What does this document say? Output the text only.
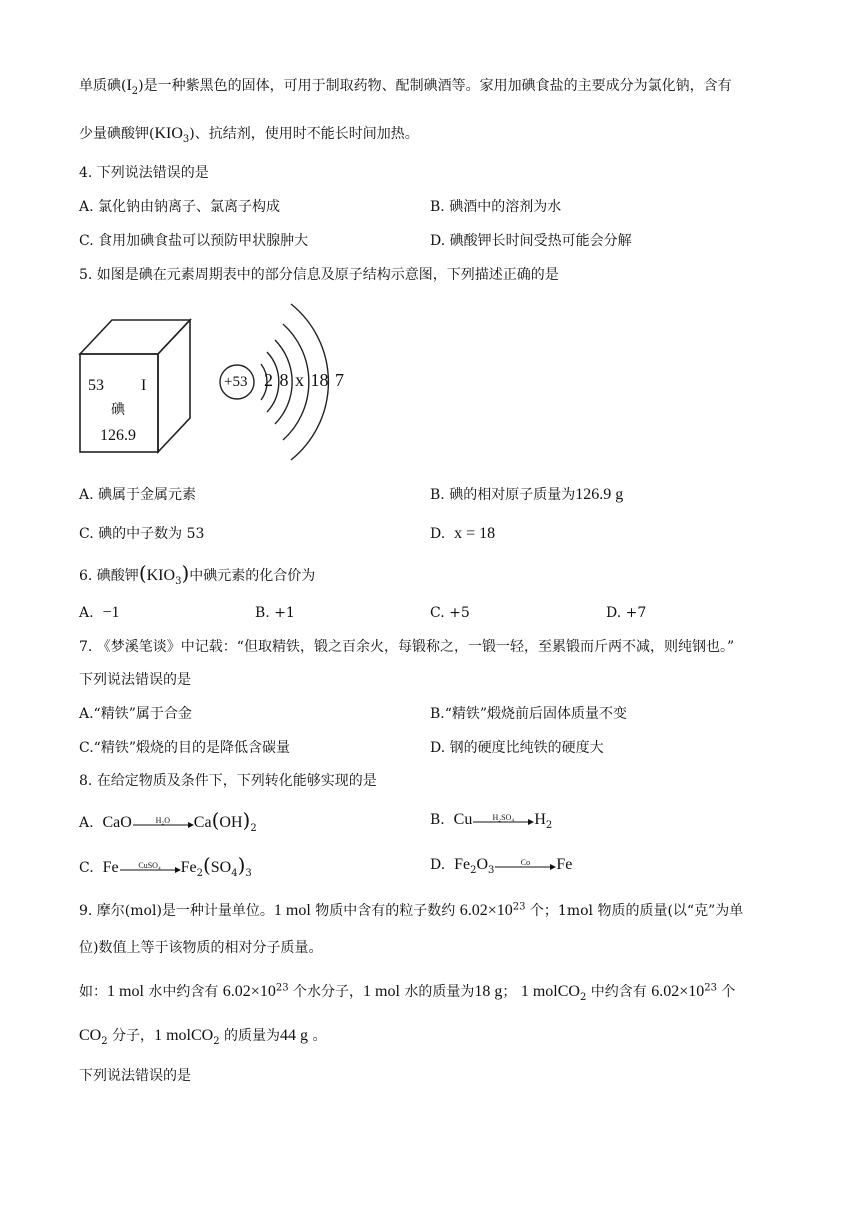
单质碘$(I_2)$是一种紫黑色的固体，可用于制取药物、配制碘酒等。家用加碘食盐的主要成分为氯化钠，含有
少量碘酸钾$(KIO_3)$、抗结剂，使用时不能长时间加热。
4. 下列说法错误的是
A. 氯化钠由钠离子、氯离子构成	B. 碘酒中的溶剂为水
C. 食用加碘食盐可以预防甲状腺肿大	D. 碘酸钾长时间受热可能会分解
5. 如图是碘在元素周期表中的部分信息及原子结构示意图，下列描述正确的是
53 I
碘
126.9
+53 2 8 x 18 7
A. 碘属于金属元素	B. 碘的相对原子质量为126.9 g
C. 碘的中子数为 53	D. x = 18
6. 碘酸钾$(KIO_3)$中碘元素的化合价为
A. −1	B. +1	C. +5	D. +7
7. 《梦溪笔谈》中记载：“但取精铁，锻之百余火，每锻称之，一锻一轻，至累锻而斤两不减，则纯钢也。”
下列说法错误的是
A.“精铁”属于合金	B.“精铁”煅烧前后固体质量不变
C.“精铁”煅烧的目的是降低含碳量	D. 钢的硬度比纯铁的硬度大
8. 在给定物质及条件下，下列转化能够实现的是
A. CaO	H₂O	$Ca(OH)_2$
B. Cu	H₂SO₄	$H_2$
C. Fe	CuSO₄	$Fe_2(SO_4)_3$
D. $Fe_2O_3$
Co	Fe
9. 摩尔(mol)是一种计量单位。1 mol 物质中含有的粒子数约 $6.02\times 10^{23}$ 个；1mol 物质的质量(以“克”为单
位)数值上等于该物质的相对分子质量。
如：1 mol 水中约含有 $6.02\times 10^{23}$ 个水分子，1 mol 水的质量为18 g； 1 molCO$_2$ 中约含有 $6.02\times 10^{23}$ 个
$CO_2$ 分子，1 molCO$_2$ 的质量为44 g 。
下列说法错误的是
